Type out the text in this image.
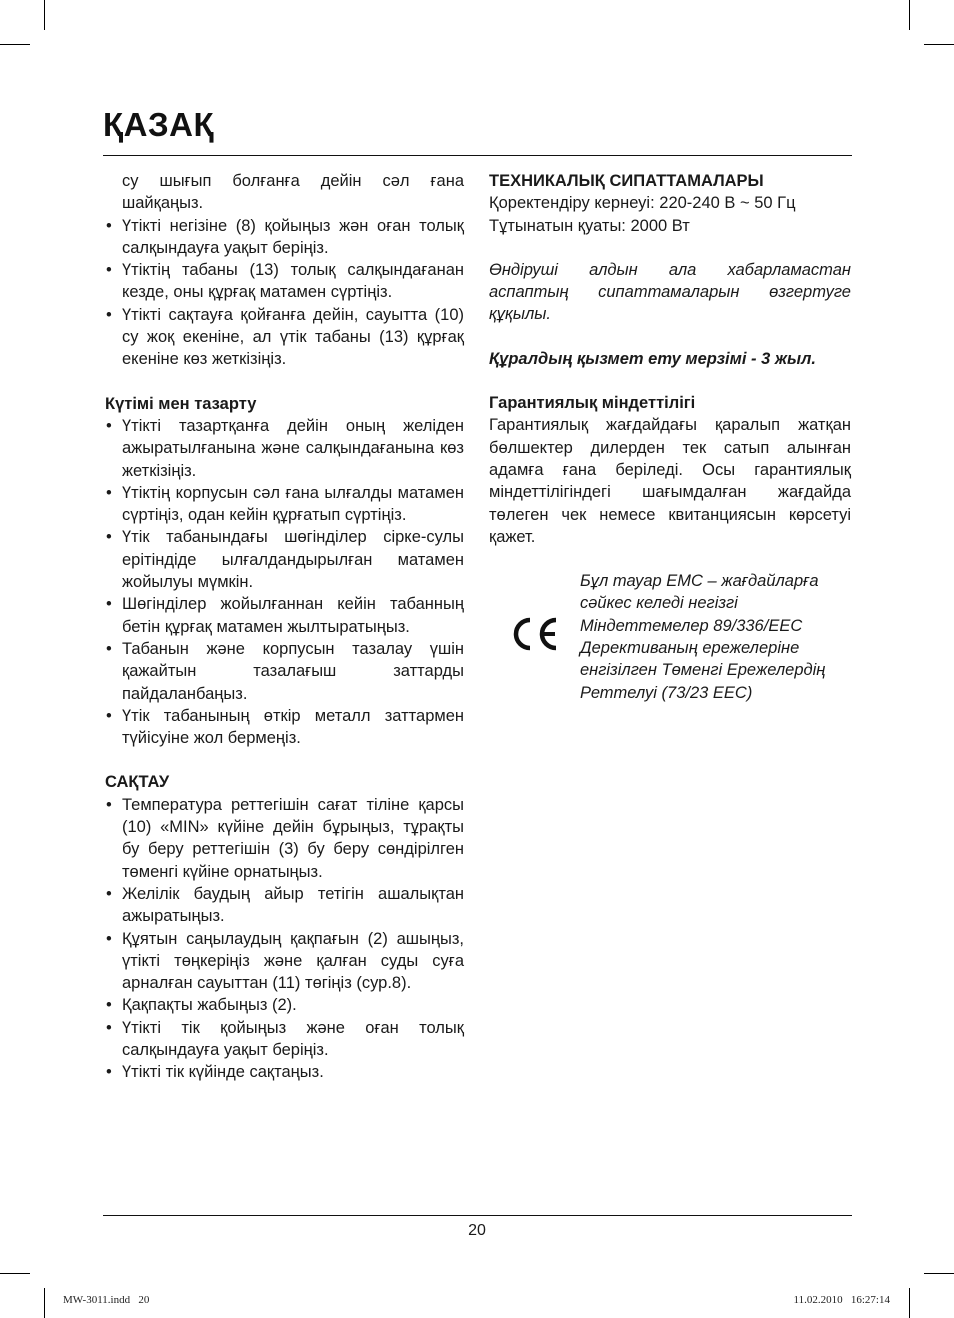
ҚАЗАҚ

су шығып болғанға дейін сәл ғана шайқаңыз.

• Үтікті негізіне (8) қойыңыз жән оған толық салқындауға уақыт беріңіз.
• Үтіктің табаны (13) толық салқындағанан кезде, оны құрғақ матамен сүртіңіз.
• Үтікті сақтауға қойғанға дейін, сауытта (10) су жоқ екеніне, ал үтік табаны (13) құрғақ екеніне көз жеткізіңіз.

Күтімі мен тазарту

• Үтікті тазартқанға дейін оның желіден ажыратылғанына және салқындағанына көз жеткізіңіз.
• Үтіктің корпусын сәл ғана ылғалды матамен сүртіңіз, одан кейін құрғатып сүртіңіз.
• Үтік табанындағы шөгінділер сірке-сулы ерітіндіде ылғалдандырылған матамен жойылуы мүмкін.
• Шөгінділер жойылғаннан кейін табанның бетін құрғақ матамен жылтыратыңыз.
• Табанын және корпусын тазалау үшін қажайтын тазалағыш заттарды пайдаланбаңыз.
• Үтік табанының өткір металл заттармен түйісуіне жол бермеңіз.

САҚТАУ

• Температура реттегішін сағат тіліне қарсы (10) «MIN» күйіне дейін бұрыңыз, тұрақты бу беру реттегішін (3) бу беру сөндірілген төменгі күйіне орнатыңыз.
• Желілік баудың айыр тетігін ашалықтан ажыратыңыз.
• Құятын саңылаудың қақпағын (2) ашыңыз, үтікті төңкеріңіз және қалған суды суға арналған сауыттан (11) төгіңіз (сур.8).
• Қақпақты жабыңыз (2).
• Үтікті тік қойыңыз және оған толық салқындауға уақыт беріңіз.
• Үтікті тік күйінде сақтаңыз.

ТЕХНИКАЛЫҚ СИПАТТАМАЛАРЫ

Қоректендіру кернеуі: 220-240 В ~ 50 Гц

Тұтынатын қуаты: 2000 Вт

Өндіруші алдын ала хабарламастан аспаптың сипаттамаларын өзгертуге құқылы.

Құралдың қызмет ету мерзімі - 3 жыл.

Гарантиялық міндеттілігі

Гарантиялық жағдайдағы қаралып жатқан бөлшектер дилерден тек сатып алынған адамға ғана беріледі. Осы гарантиялық міндеттілігіндегі шағымдалған жағдайда төлеген чек немесе квитанциясын көрсетуі қажет.

Бұл тауар ЕМС – жағдайларға сәйкес келеді негізгі Міндеттемелер 89/336/ЕЕС Дерективаның ережелеріне енгізілген Төменгі Ережелердің Реттелуі (73/23 ЕЕС)
20
MW-3011.indd   20	11.02.2010   16:27:14
